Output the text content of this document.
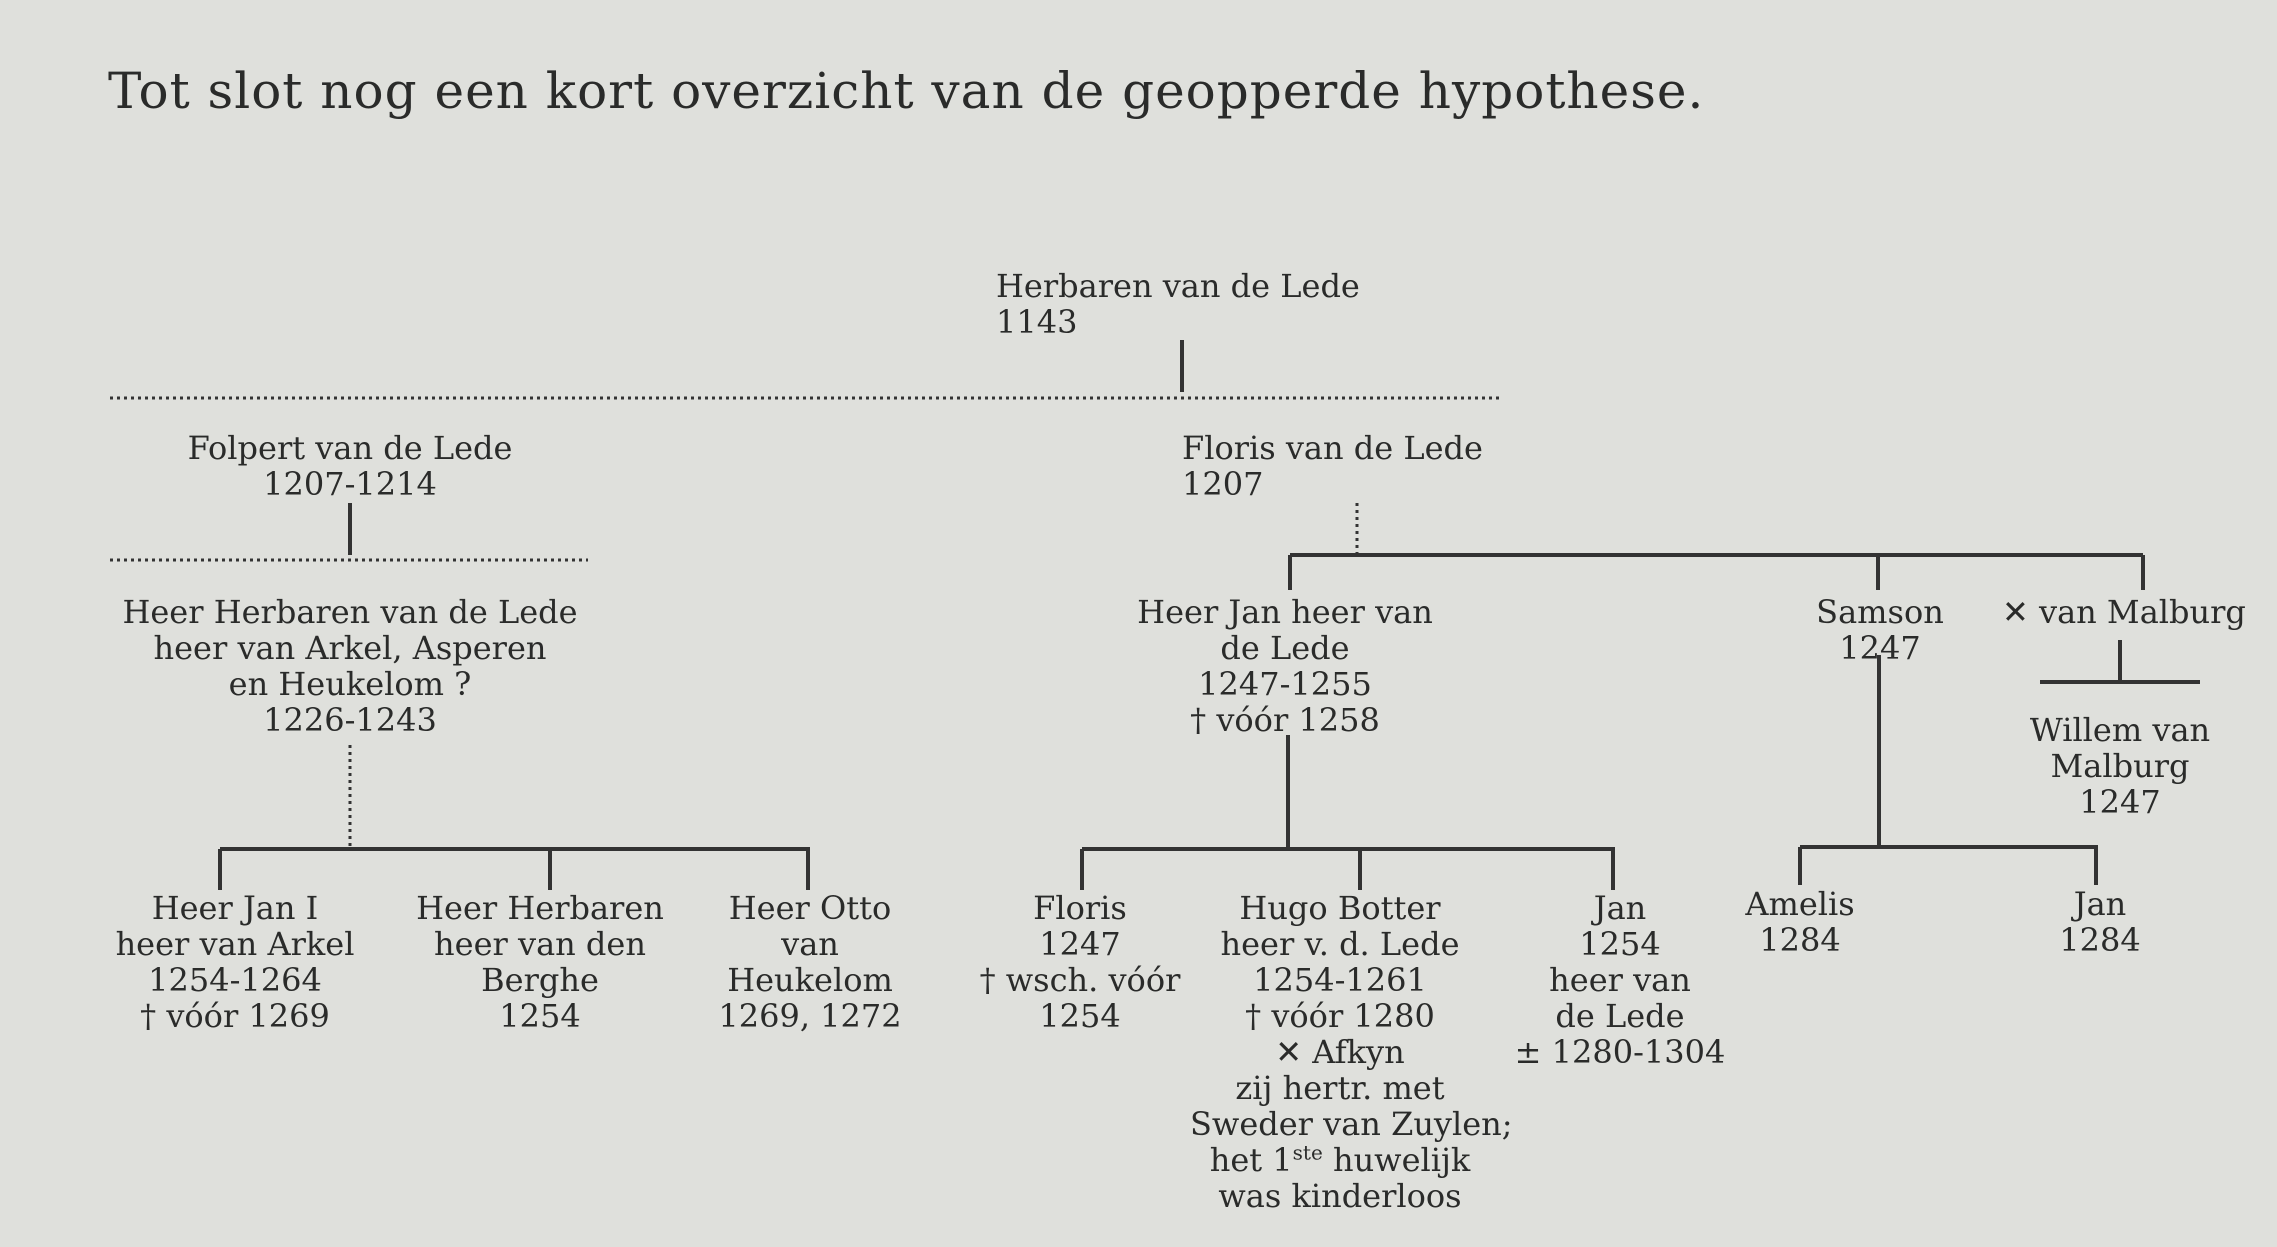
Tot slot nog een kort overzicht van de geopperde hypothese.
Herbaren van de Lede
1143
Folpert van de Lede
1207-1214
Floris van de Lede
1207
Heer Herbaren van de Lede
heer van Arkel, Asperen
en Heukelom ?
1226-1243
Heer Jan heer van
de Lede
1247-1255
† vóór 1258
Samson
1247
✕ van Malburg
Willem van
Malburg
1247
Heer Jan I
heer van Arkel
1254-1264
† vóór 1269
Heer Herbaren
heer van den
Berghe
1254
Heer Otto
van
Heukelom
1269, 1272
Floris
1247
† wsch. vóór
1254
Hugo Botter
heer v. d. Lede
1254-1261
† vóór 1280
✕ Afkyn
zij hertr. met
Sweder van Zuylen;
het 1ste huwelijk
was kinderloos
Jan
1254
heer van
de Lede
± 1280-1304
Amelis
1284
Jan
1284
